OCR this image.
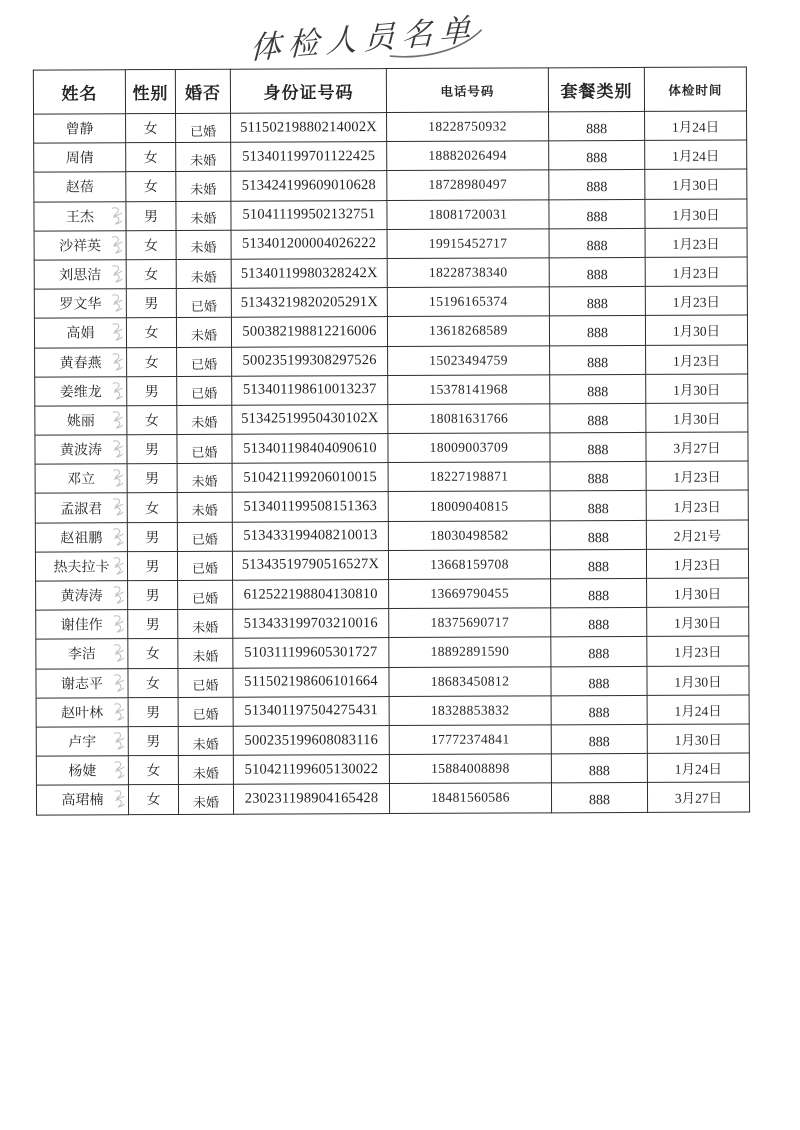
体检人员名单
姓名	性别	婚否	身份证号码	电话号码	套餐类别	体检时间
曾静	女	已婚	51150219880214002X	18228750932	888	1月24日
周倩	女	未婚	513401199701122425	18882026494	888	1月24日
赵蓓	女	未婚	513424199609010628	18728980497	888	1月30日
王杰	男	未婚	510411199502132751	18081720031	888	1月30日
沙祥英	女	未婚	513401200004026222	19915452717	888	1月23日
刘思洁	女	未婚	51340119980328242X	18228738340	888	1月23日
罗文华	男	已婚	51343219820205291X	15196165374	888	1月23日
高娟	女	未婚	500382198812216006	13618268589	888	1月30日
黄春燕	女	已婚	500235199308297526	15023494759	888	1月23日
姜维龙	男	已婚	513401198610013237	15378141968	888	1月30日
姚丽	女	未婚	51342519950430102X	18081631766	888	1月30日
黄波涛	男	已婚	513401198404090610	18009003709	888	3月27日
邓立	男	未婚	510421199206010015	18227198871	888	1月23日
孟淑君	女	未婚	513401199508151363	18009040815	888	1月23日
赵祖鹏	男	已婚	513433199408210013	18030498582	888	2月21号
热夫拉卡	男	已婚	51343519790516527X	13668159708	888	1月23日
黄涛涛	男	已婚	612522198804130810	13669790455	888	1月30日
谢佳作	男	未婚	513433199703210016	18375690717	888	1月30日
李洁	女	未婚	510311199605301727	18892891590	888	1月23日
谢志平	女	已婚	511502198606101664	18683450812	888	1月30日
赵叶林	男	已婚	513401197504275431	18328853832	888	1月24日
卢宇	男	未婚	500235199608083116	17772374841	888	1月30日
杨婕	女	未婚	510421199605130022	15884008898	888	1月24日
高珺楠	女	未婚	230231198904165428	18481560586	888	3月27日
